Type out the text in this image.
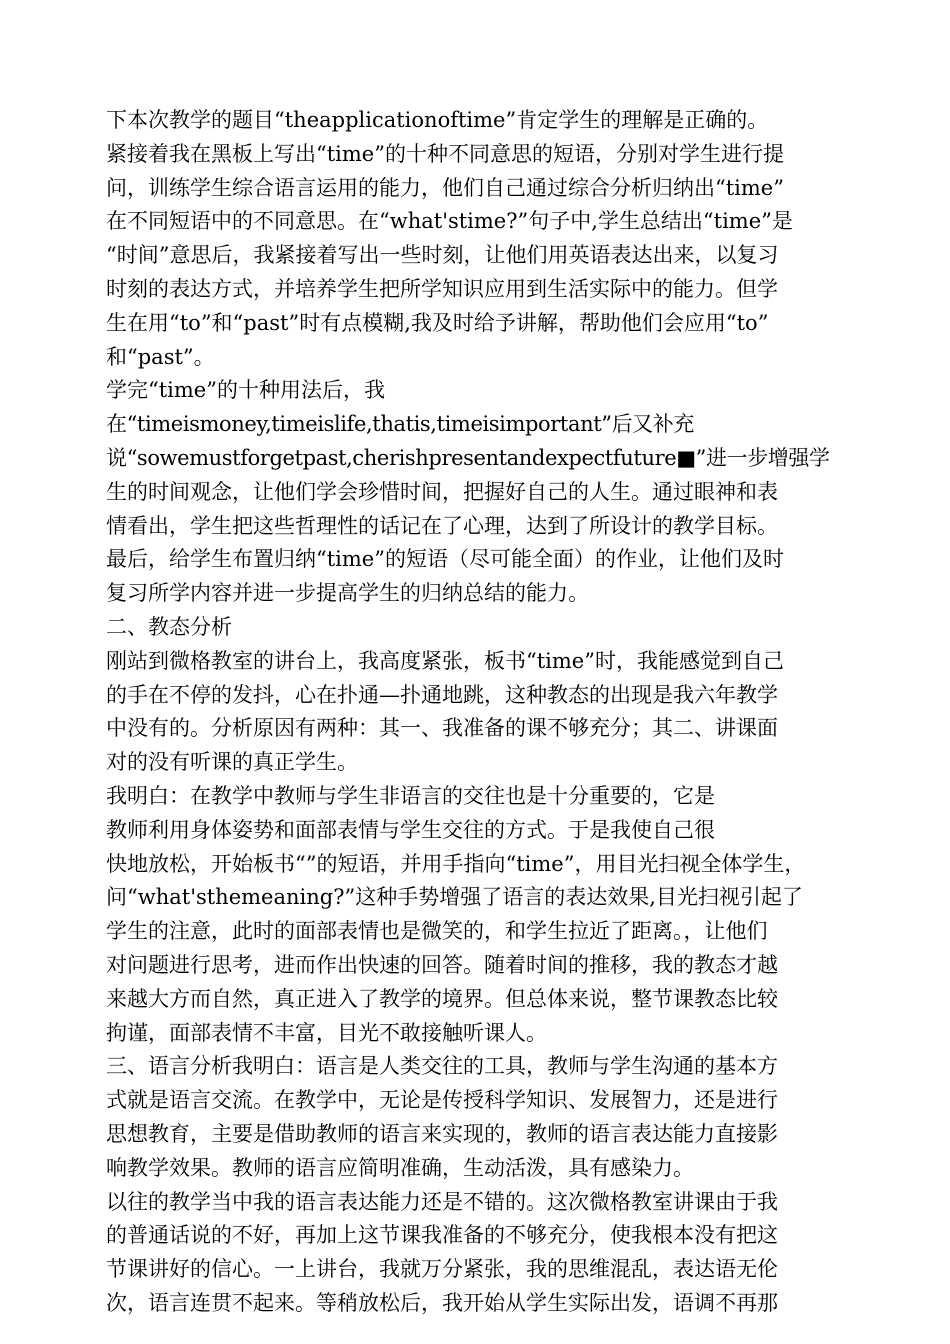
下本次教学的题目“theapplicationoftime”肯定学生的理解是正确的。
紧接着我在黑板上写出“time”的十种不同意思的短语，分别对学生进行提
问，训练学生综合语言运用的能力，他们自己通过综合分析归纳出“time”
在不同短语中的不同意思。在“what'stime?”句子中,学生总结出“time”是
“时间”意思后，我紧接着写出一些时刻，让他们用英语表达出来，以复习
时刻的表达方式，并培养学生把所学知识应用到生活实际中的能力。但学
生在用“to”和“past”时有点模糊,我及时给予讲解，帮助他们会应用“to”
和“past”。
学完“time”的十种用法后，我
在“timeismoney,timeislife,thatis,timeisimportant”后又补充
说“sowemustforgetpast,cherishpresentandexpectfuture■”进一步增强学
生的时间观念，让他们学会珍惜时间，把握好自己的人生。通过眼神和表
情看出，学生把这些哲理性的话记在了心理，达到了所设计的教学目标。
最后，给学生布置归纳“time”的短语（尽可能全面）的作业，让他们及时
复习所学内容并进一步提高学生的归纳总结的能力。
二、教态分析
刚站到微格教室的讲台上，我高度紧张，板书“time”时，我能感觉到自己
的手在不停的发抖，心在扑通—扑通地跳，这种教态的出现是我六年教学
中没有的。分析原因有两种：其一、我准备的课不够充分；其二、讲课面
对的没有听课的真正学生。
我明白：在教学中教师与学生非语言的交往也是十分重要的，它是
教师利用身体姿势和面部表情与学生交往的方式。于是我使自己很
快地放松，开始板书“”的短语，并用手指向“time”，用目光扫视全体学生，
问“what'sthemeaning?”这种手势增强了语言的表达效果,目光扫视引起了
学生的注意，此时的面部表情也是微笑的，和学生拉近了距离。，让他们
对问题进行思考，进而作出快速的回答。随着时间的推移，我的教态才越
来越大方而自然，真正进入了教学的境界。但总体来说，整节课教态比较
拘谨，面部表情不丰富，目光不敢接触听课人。
三、语言分析我明白：语言是人类交往的工具，教师与学生沟通的基本方
式就是语言交流。在教学中，无论是传授科学知识、发展智力，还是进行
思想教育，主要是借助教师的语言来实现的，教师的语言表达能力直接影
响教学效果。教师的语言应简明准确，生动活泼，具有感染力。
以往的教学当中我的语言表达能力还是不错的。这次微格教室讲课由于我
的普通话说的不好，再加上这节课我准备的不够充分，使我根本没有把这
节课讲好的信心。一上讲台，我就万分紧张，我的思维混乱，表达语无伦
次，语言连贯不起来。等稍放松后，我开始从学生实际出发，语调不再那
